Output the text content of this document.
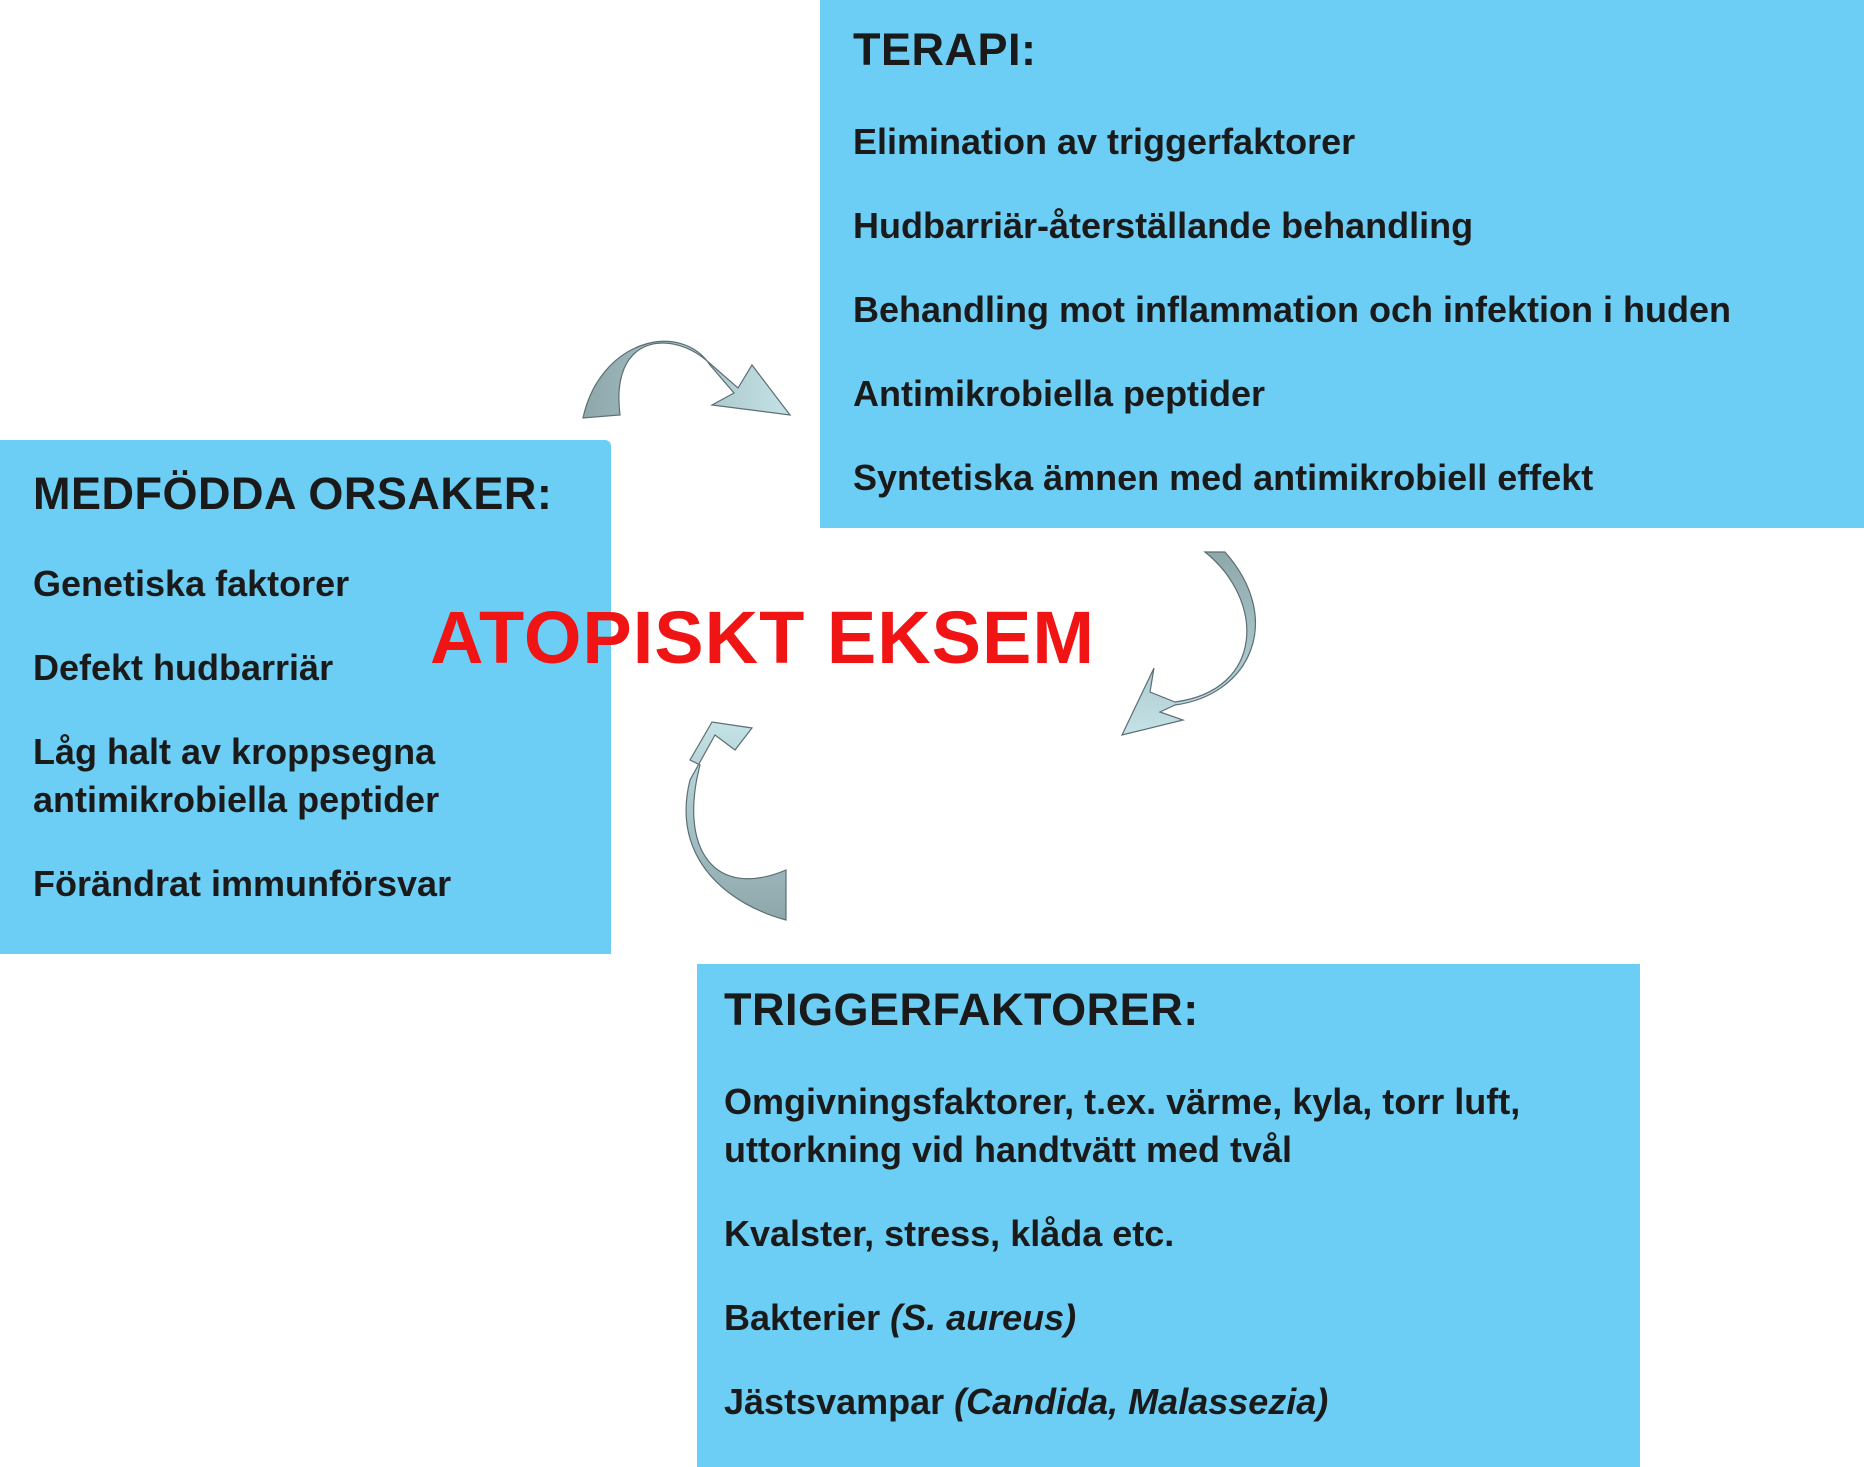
TERAPI:
Elimination av triggerfaktorer
Hudbarriär-återställande behandling
Behandling mot inflammation och infektion i huden
Antimikrobiella peptider
Syntetiska ämnen med antimikrobiell effekt
MEDFÖDDA ORSAKER:
Genetiska faktorer
Defekt hudbarriär
Låg halt av kroppsegna antimikrobiella peptider
Förändrat immunförsvar
TRIGGERFAKTORER:
Omgivningsfaktorer, t.ex. värme, kyla, torr luft, uttorkning vid handtvätt med tvål
Kvalster, stress, klåda etc.
Bakterier (S. aureus)
Jästsvampar (Candida, Malassezia)
ATOPISKT EKSEM
